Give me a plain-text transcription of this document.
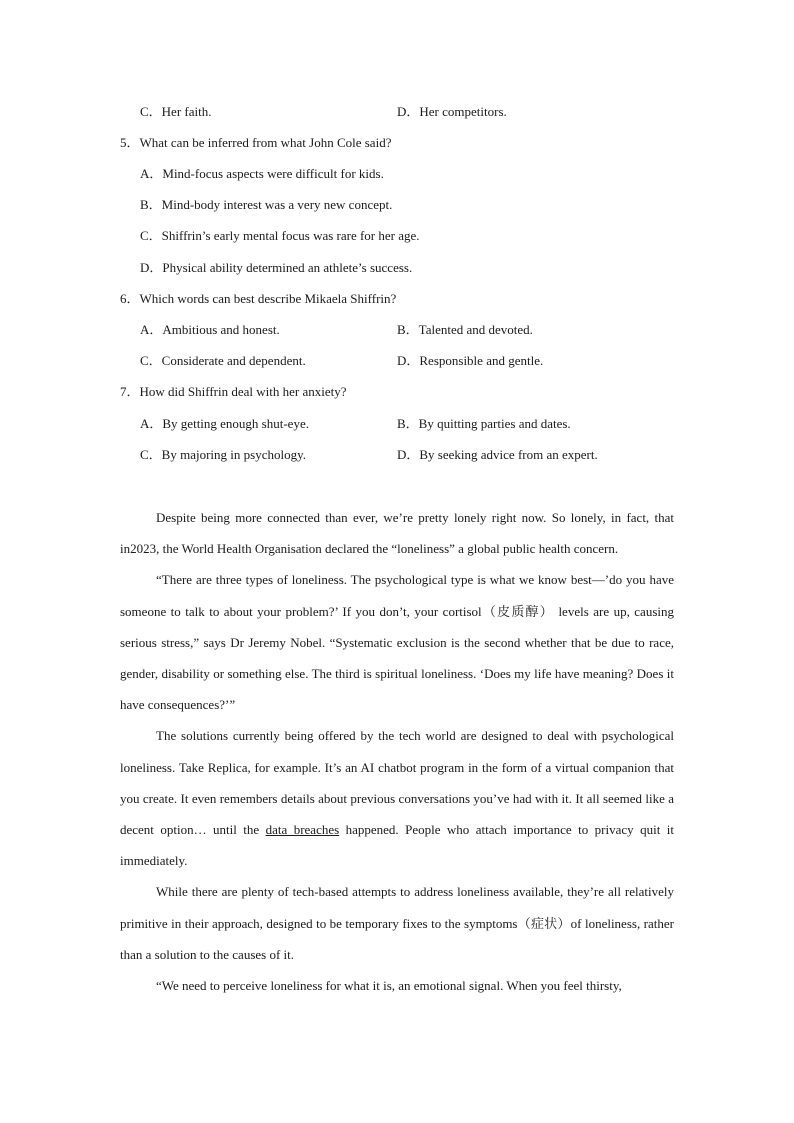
C．Her faith.	D．Her competitors.
5．What can be inferred from what John Cole said?
A．Mind-focus aspects were difficult for kids.
B．Mind-body interest was a very new concept.
C．Shiffrin’s early mental focus was rare for her age.
D．Physical ability determined an athlete’s success.
6．Which words can best describe Mikaela Shiffrin?
A．Ambitious and honest.	B．Talented and devoted.
C．Considerate and dependent.	D．Responsible and gentle.
7．How did Shiffrin deal with her anxiety?
A．By getting enough shut-eye.	B．By quitting parties and dates.
C．By majoring in psychology.	D．By seeking advice from an expert.

Despite being more connected than ever, we’re pretty lonely right now. So lonely, in fact, that in2023, the World Health Organisation declared the “loneliness” a global public health concern.

“There are three types of loneliness. The psychological type is what we know best—’do you have someone to talk to about your problem?’ If you don’t, your cortisol（皮质醇） levels are up, causing serious stress,” says Dr Jeremy Nobel. “Systematic exclusion is the second whether that be due to race, gender, disability or something else. The third is spiritual loneliness. ‘Does my life have meaning? Does it have consequences?’”

The solutions currently being offered by the tech world are designed to deal with psychological loneliness. Take Replica, for example. It’s an AI chatbot program in the form of a virtual companion that you create. It even remembers details about previous conversations you’ve had with it. It all seemed like a decent option… until the data breaches happened. People who attach importance to privacy quit it immediately.

While there are plenty of tech-based attempts to address loneliness available, they’re all relatively primitive in their approach, designed to be temporary fixes to the symptoms（症状）of loneliness, rather than a solution to the causes of it.

“We need to perceive loneliness for what it is, an emotional signal. When you feel thirsty,
